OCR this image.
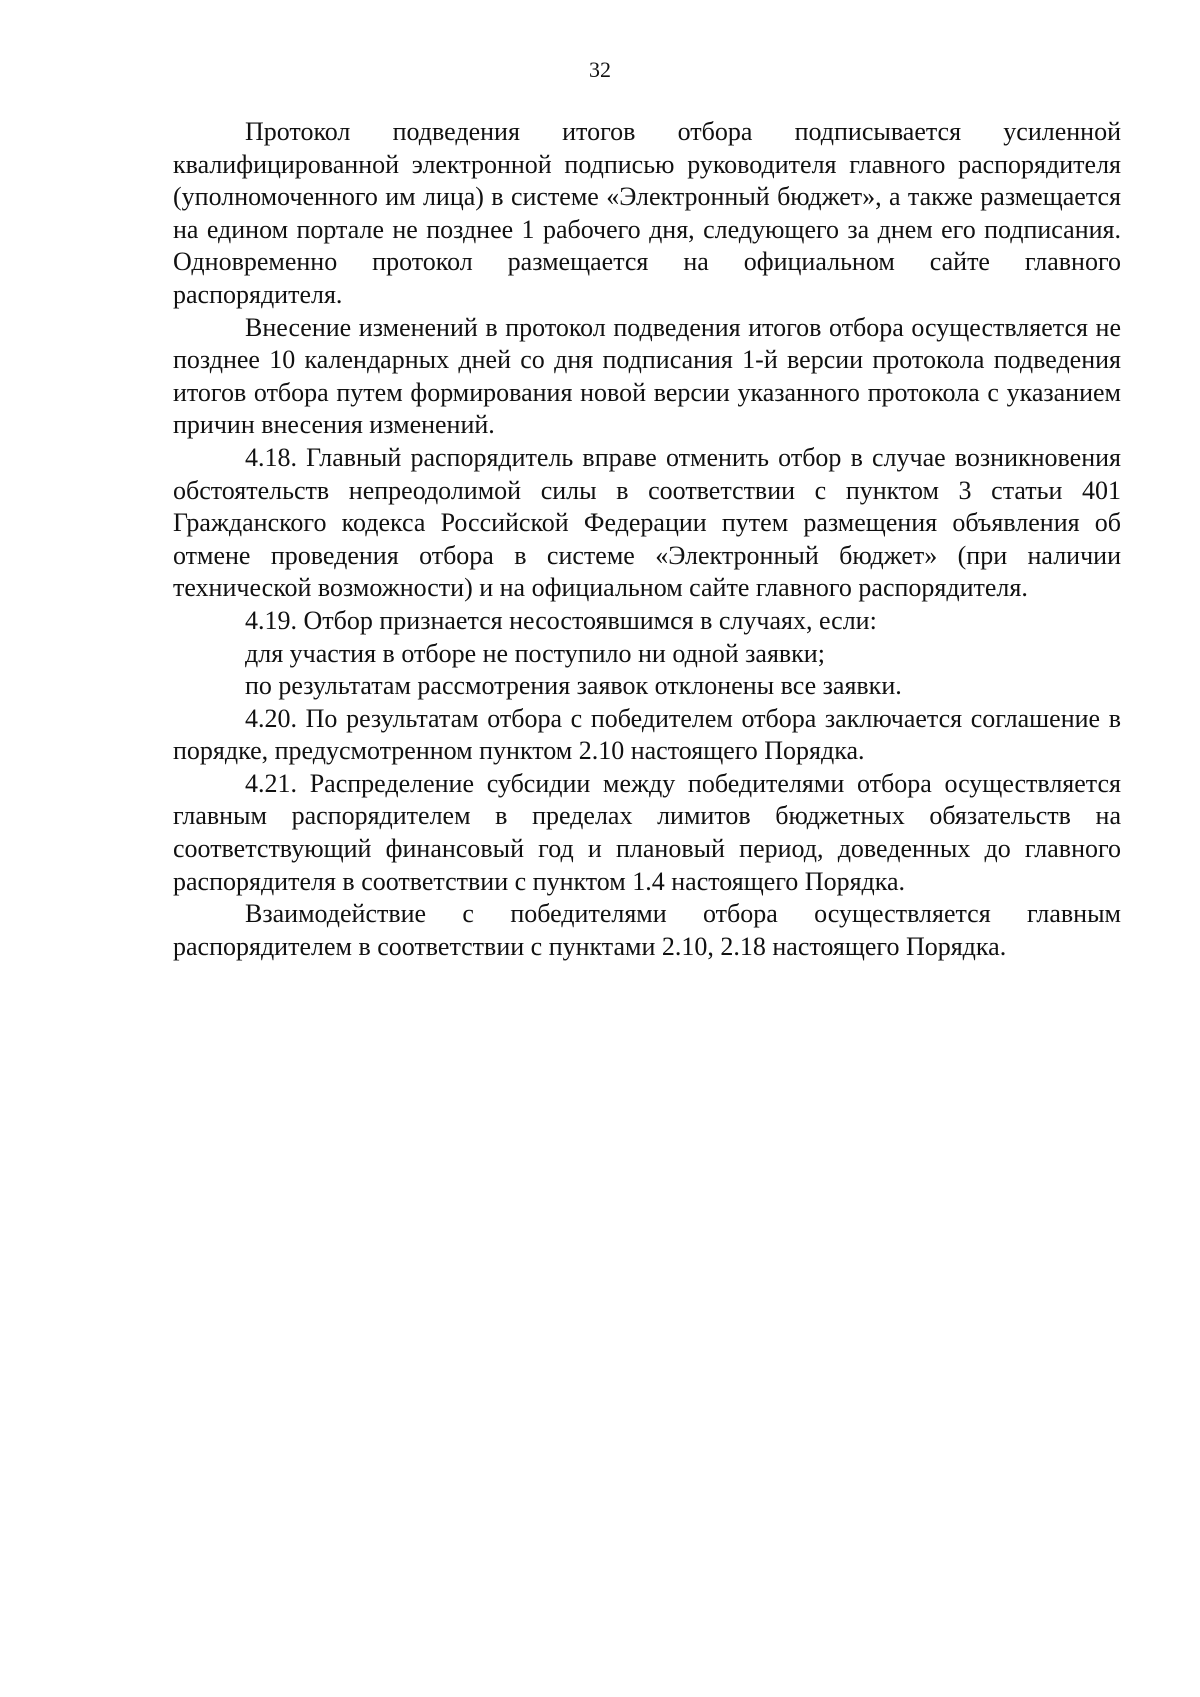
32

Протокол подведения итогов отбора подписывается усиленной квалифицированной электронной подписью руководителя главного распорядителя (уполномоченного им лица) в системе «Электронный бюджет», а также размещается на едином портале не позднее 1 рабочего дня, следующего за днем его подписания. Одновременно протокол размещается на официальном сайте главного распорядителя.

Внесение изменений в протокол подведения итогов отбора осуществляется не позднее 10 календарных дней со дня подписания 1-й версии протокола подведения итогов отбора путем формирования новой версии указанного протокола с указанием причин внесения изменений.

4.18. Главный распорядитель вправе отменить отбор в случае возникновения обстоятельств непреодолимой силы в соответствии с пунктом 3 статьи 401 Гражданского кодекса Российской Федерации путем размещения объявления об отмене проведения отбора в системе «Электронный бюджет» (при наличии технической возможности) и на официальном сайте главного распорядителя.

4.19. Отбор признается несостоявшимся в случаях, если:

для участия в отборе не поступило ни одной заявки;

по результатам рассмотрения заявок отклонены все заявки.

4.20. По результатам отбора с победителем отбора заключается соглашение в порядке, предусмотренном пунктом 2.10 настоящего Порядка.

4.21. Распределение субсидии между победителями отбора осуществляется главным распорядителем в пределах лимитов бюджетных обязательств на соответствующий финансовый год и плановый период, доведенных до главного распорядителя в соответствии с пунктом 1.4 настоящего Порядка.

Взаимодействие с победителями отбора осуществляется главным распорядителем в соответствии с пунктами 2.10, 2.18 настоящего Порядка.
